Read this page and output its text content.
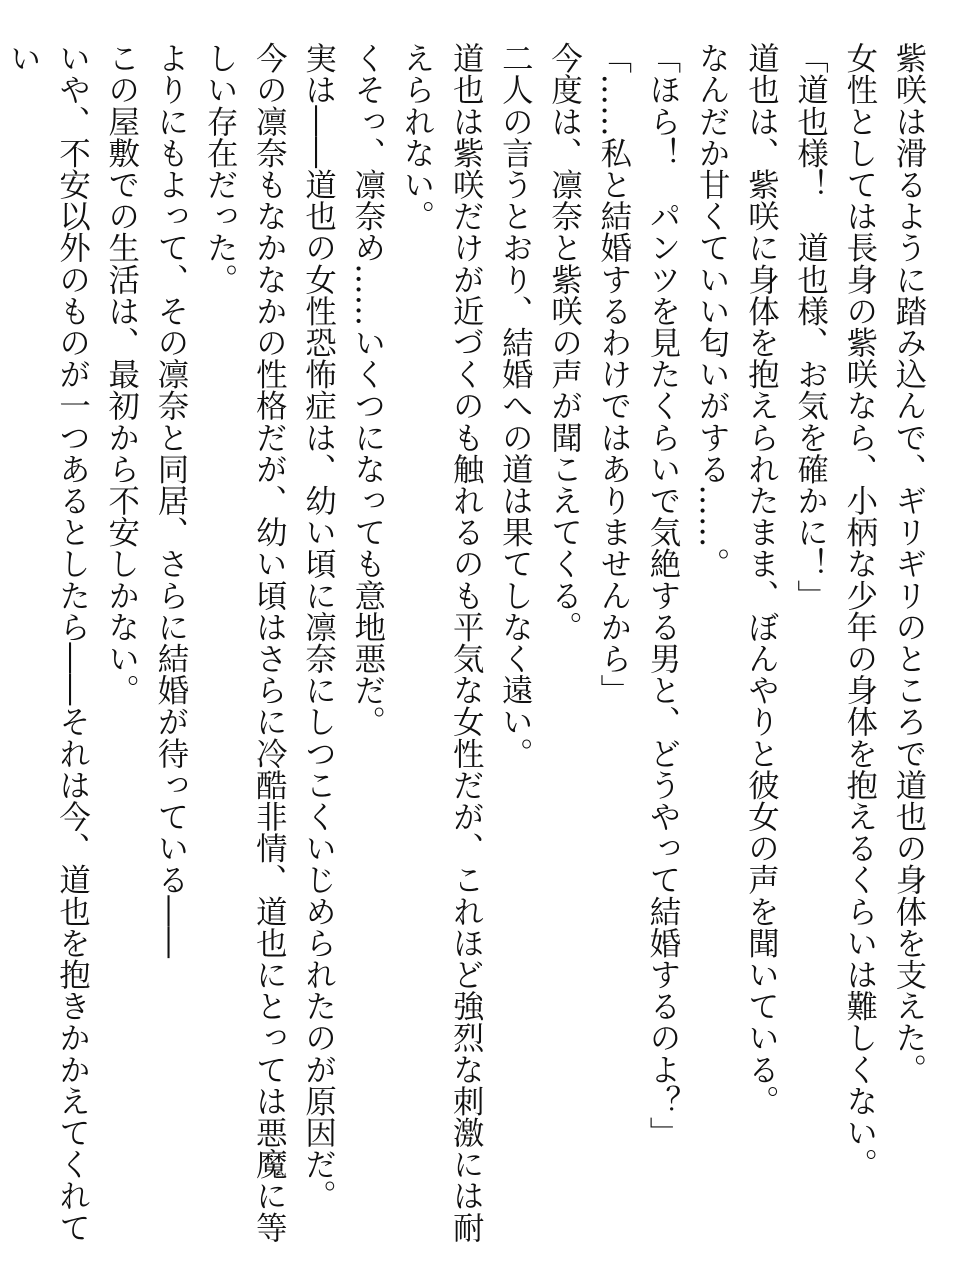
紫咲は滑るように踏み込んで、ギリギリのところで道也の身体を支えた。

女性としては長身の紫咲なら、小柄な少年の身体を抱えるくらいは難しくない。

「道也様！　道也様、お気を確かに！」

道也は、紫咲に身体を抱えられたまま、ぼんやりと彼女の声を聞いている。

なんだか甘くていい匂いがする……。

「ほら！　パンツを見たくらいで気絶する男と、どうやって結婚するのよ？」

「……私と結婚するわけではありませんから」

今度は、凛奈と紫咲の声が聞こえてくる。

二人の言うとおり、結婚への道は果てしなく遠い。

道也は紫咲だけが近づくのも触れるのも平気な女性だが、これほど強烈な刺激には耐えられない。

くそっ、凛奈め……いくつになっても意地悪だ。

実は――道也の女性恐怖症は、幼い頃に凛奈にしつこくいじめられたのが原因だ。

今の凛奈もなかなかの性格だが、幼い頃はさらに冷酷非情、道也にとっては悪魔に等しい存在だった。

よりにもよって、その凛奈と同居、さらに結婚が待っている――

この屋敷での生活は、最初から不安しかない。

いや、不安以外のものが一つあるとしたら――それは今、道也を抱きかかえてくれてい
